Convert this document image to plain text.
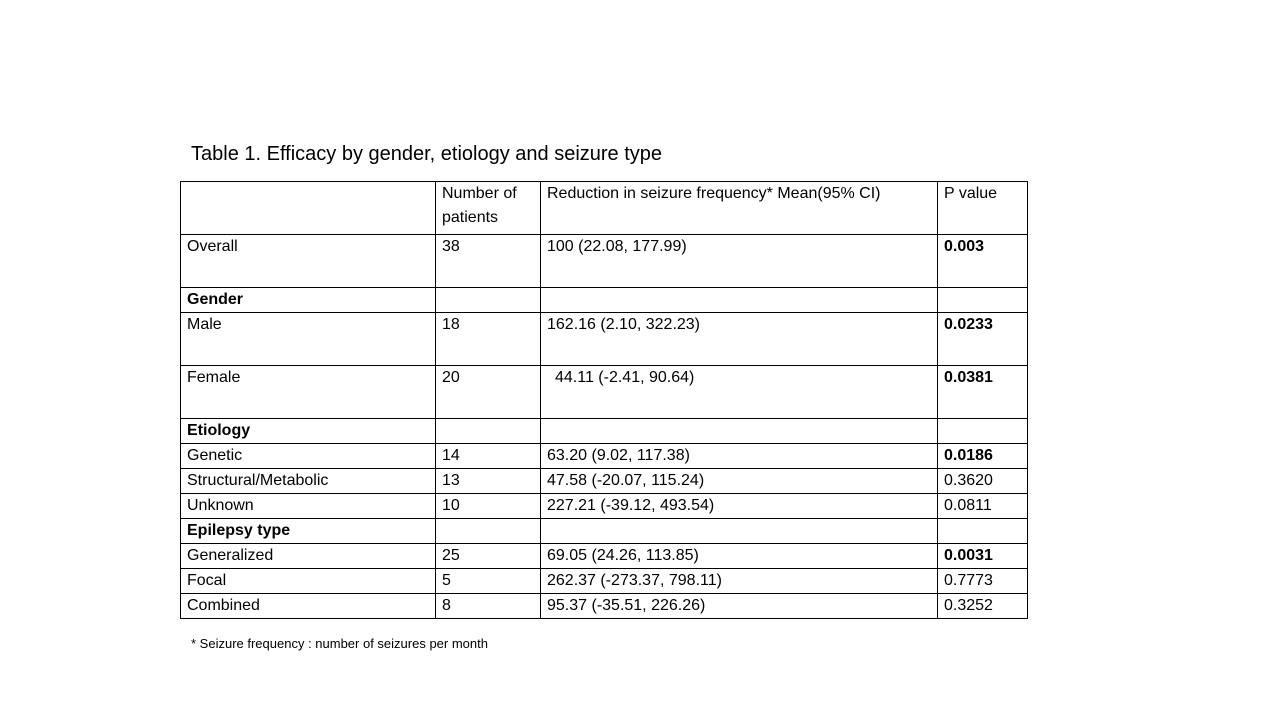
Table 1. Efficacy by gender, etiology and seizure type
	Number of patients	Reduction in seizure frequency* Mean(95% CI)	P value
Overall	38	100 (22.08, 177.99)	0.003
Gender			
Male	18	162.16 (2.10, 322.23)	0.0233
Female	20	44.11 (-2.41, 90.64)	0.0381
Etiology			
Genetic	14	63.20 (9.02, 117.38)	0.0186
Structural/Metabolic	13	47.58 (-20.07, 115.24)	0.3620
Unknown	10	227.21 (-39.12, 493.54)	0.0811
Epilepsy type			
Generalized	25	69.05 (24.26, 113.85)	0.0031
Focal	5	262.37 (-273.37, 798.11)	0.7773
Combined	8	95.37 (-35.51, 226.26)	0.3252
* Seizure frequency : number of seizures per month
